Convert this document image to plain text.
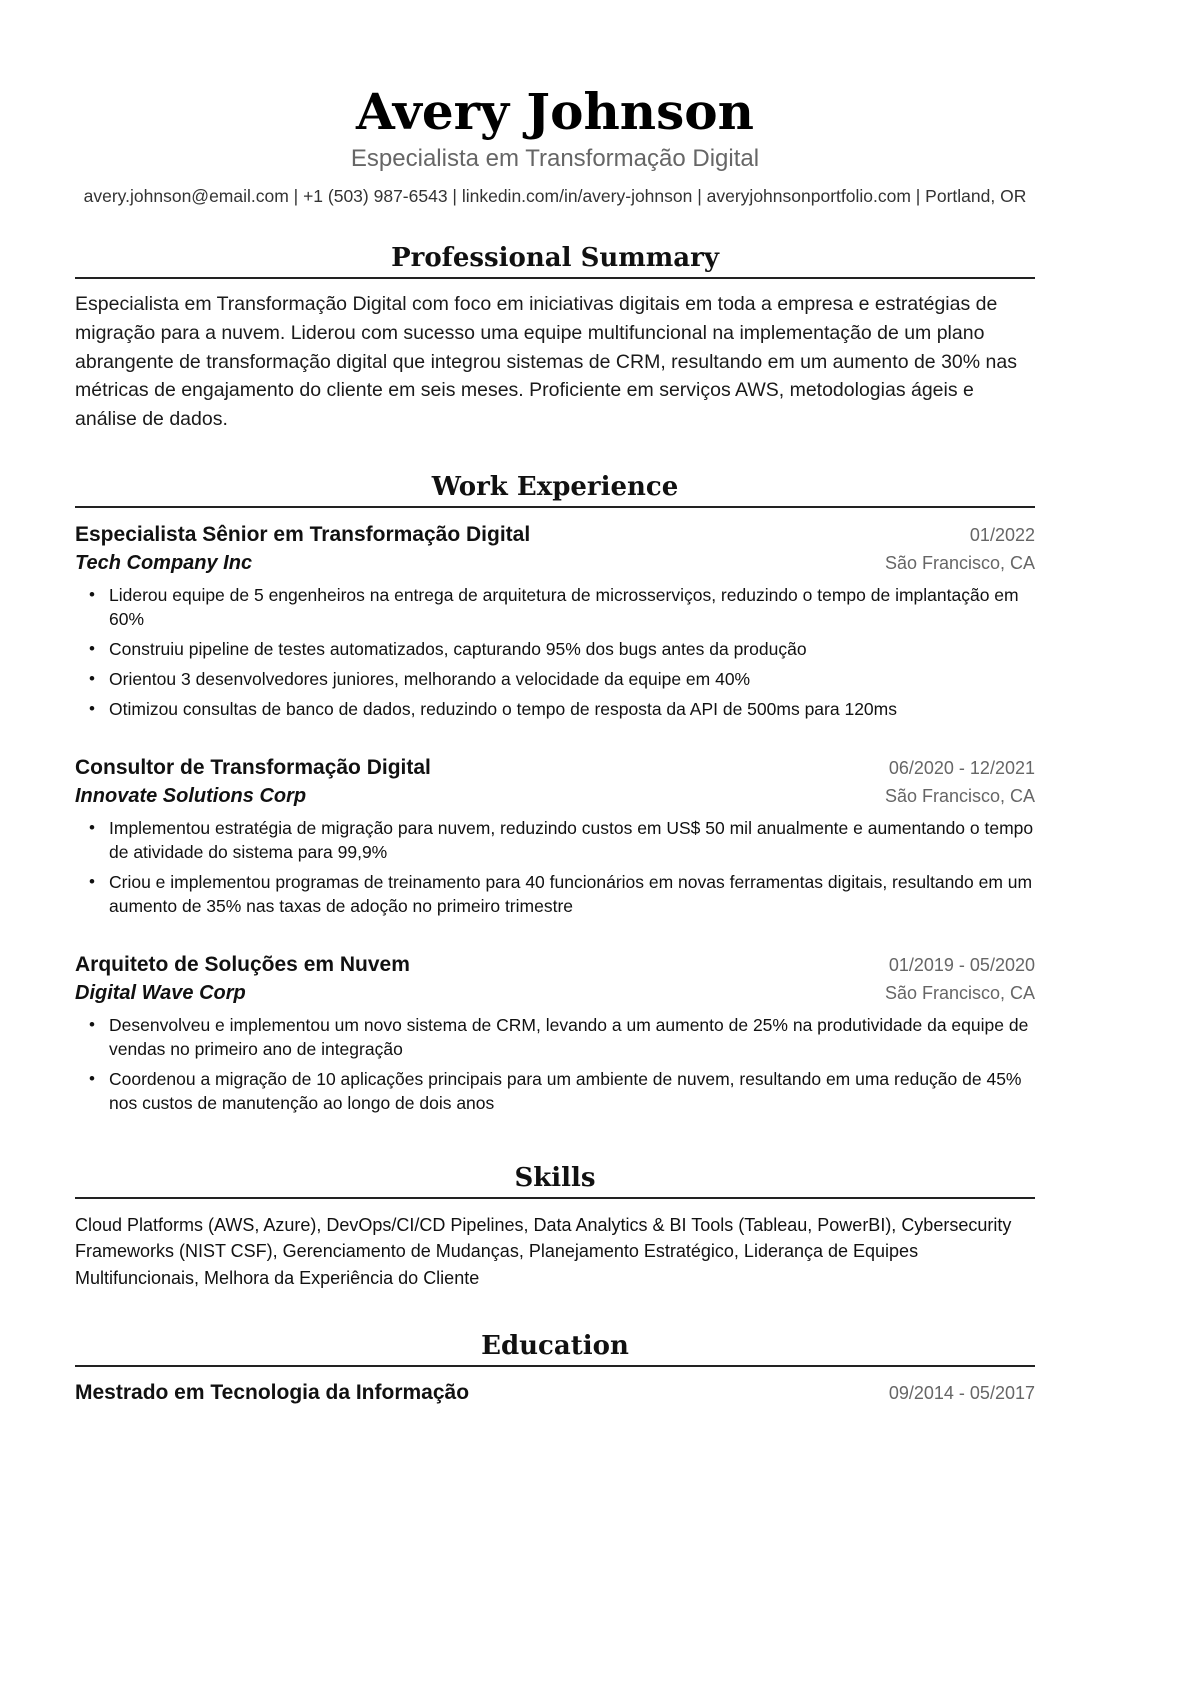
Avery Johnson
Especialista em Transformação Digital
avery.johnson@email.com | +1 (503) 987-6543 | linkedin.com/in/avery-johnson | averyjohnsonportfolio.com | Portland, OR
Professional Summary
Especialista em Transformação Digital com foco em iniciativas digitais em toda a empresa e estratégias de migração para a nuvem. Liderou com sucesso uma equipe multifuncional na implementação de um plano abrangente de transformação digital que integrou sistemas de CRM, resultando em um aumento de 30% nas métricas de engajamento do cliente em seis meses. Proficiente em serviços AWS, metodologias ágeis e análise de dados.
Work Experience
Especialista Sênior em Transformação Digital	01/2022
Tech Company Inc	São Francisco, CA
• Liderou equipe de 5 engenheiros na entrega de arquitetura de microsserviços, reduzindo o tempo de implantação em 60%
• Construiu pipeline de testes automatizados, capturando 95% dos bugs antes da produção
• Orientou 3 desenvolvedores juniores, melhorando a velocidade da equipe em 40%
• Otimizou consultas de banco de dados, reduzindo o tempo de resposta da API de 500ms para 120ms
Consultor de Transformação Digital	06/2020 - 12/2021
Innovate Solutions Corp	São Francisco, CA
• Implementou estratégia de migração para nuvem, reduzindo custos em US$ 50 mil anualmente e aumentando o tempo de atividade do sistema para 99,9%
• Criou e implementou programas de treinamento para 40 funcionários em novas ferramentas digitais, resultando em um aumento de 35% nas taxas de adoção no primeiro trimestre
Arquiteto de Soluções em Nuvem	01/2019 - 05/2020
Digital Wave Corp	São Francisco, CA
• Desenvolveu e implementou um novo sistema de CRM, levando a um aumento de 25% na produtividade da equipe de vendas no primeiro ano de integração
• Coordenou a migração de 10 aplicações principais para um ambiente de nuvem, resultando em uma redução de 45% nos custos de manutenção ao longo de dois anos
Skills
Cloud Platforms (AWS, Azure), DevOps/CI/CD Pipelines, Data Analytics & BI Tools (Tableau, PowerBI), Cybersecurity Frameworks (NIST CSF), Gerenciamento de Mudanças, Planejamento Estratégico, Liderança de Equipes Multifuncionais, Melhora da Experiência do Cliente
Education
Mestrado em Tecnologia da Informação	09/2014 - 05/2017
